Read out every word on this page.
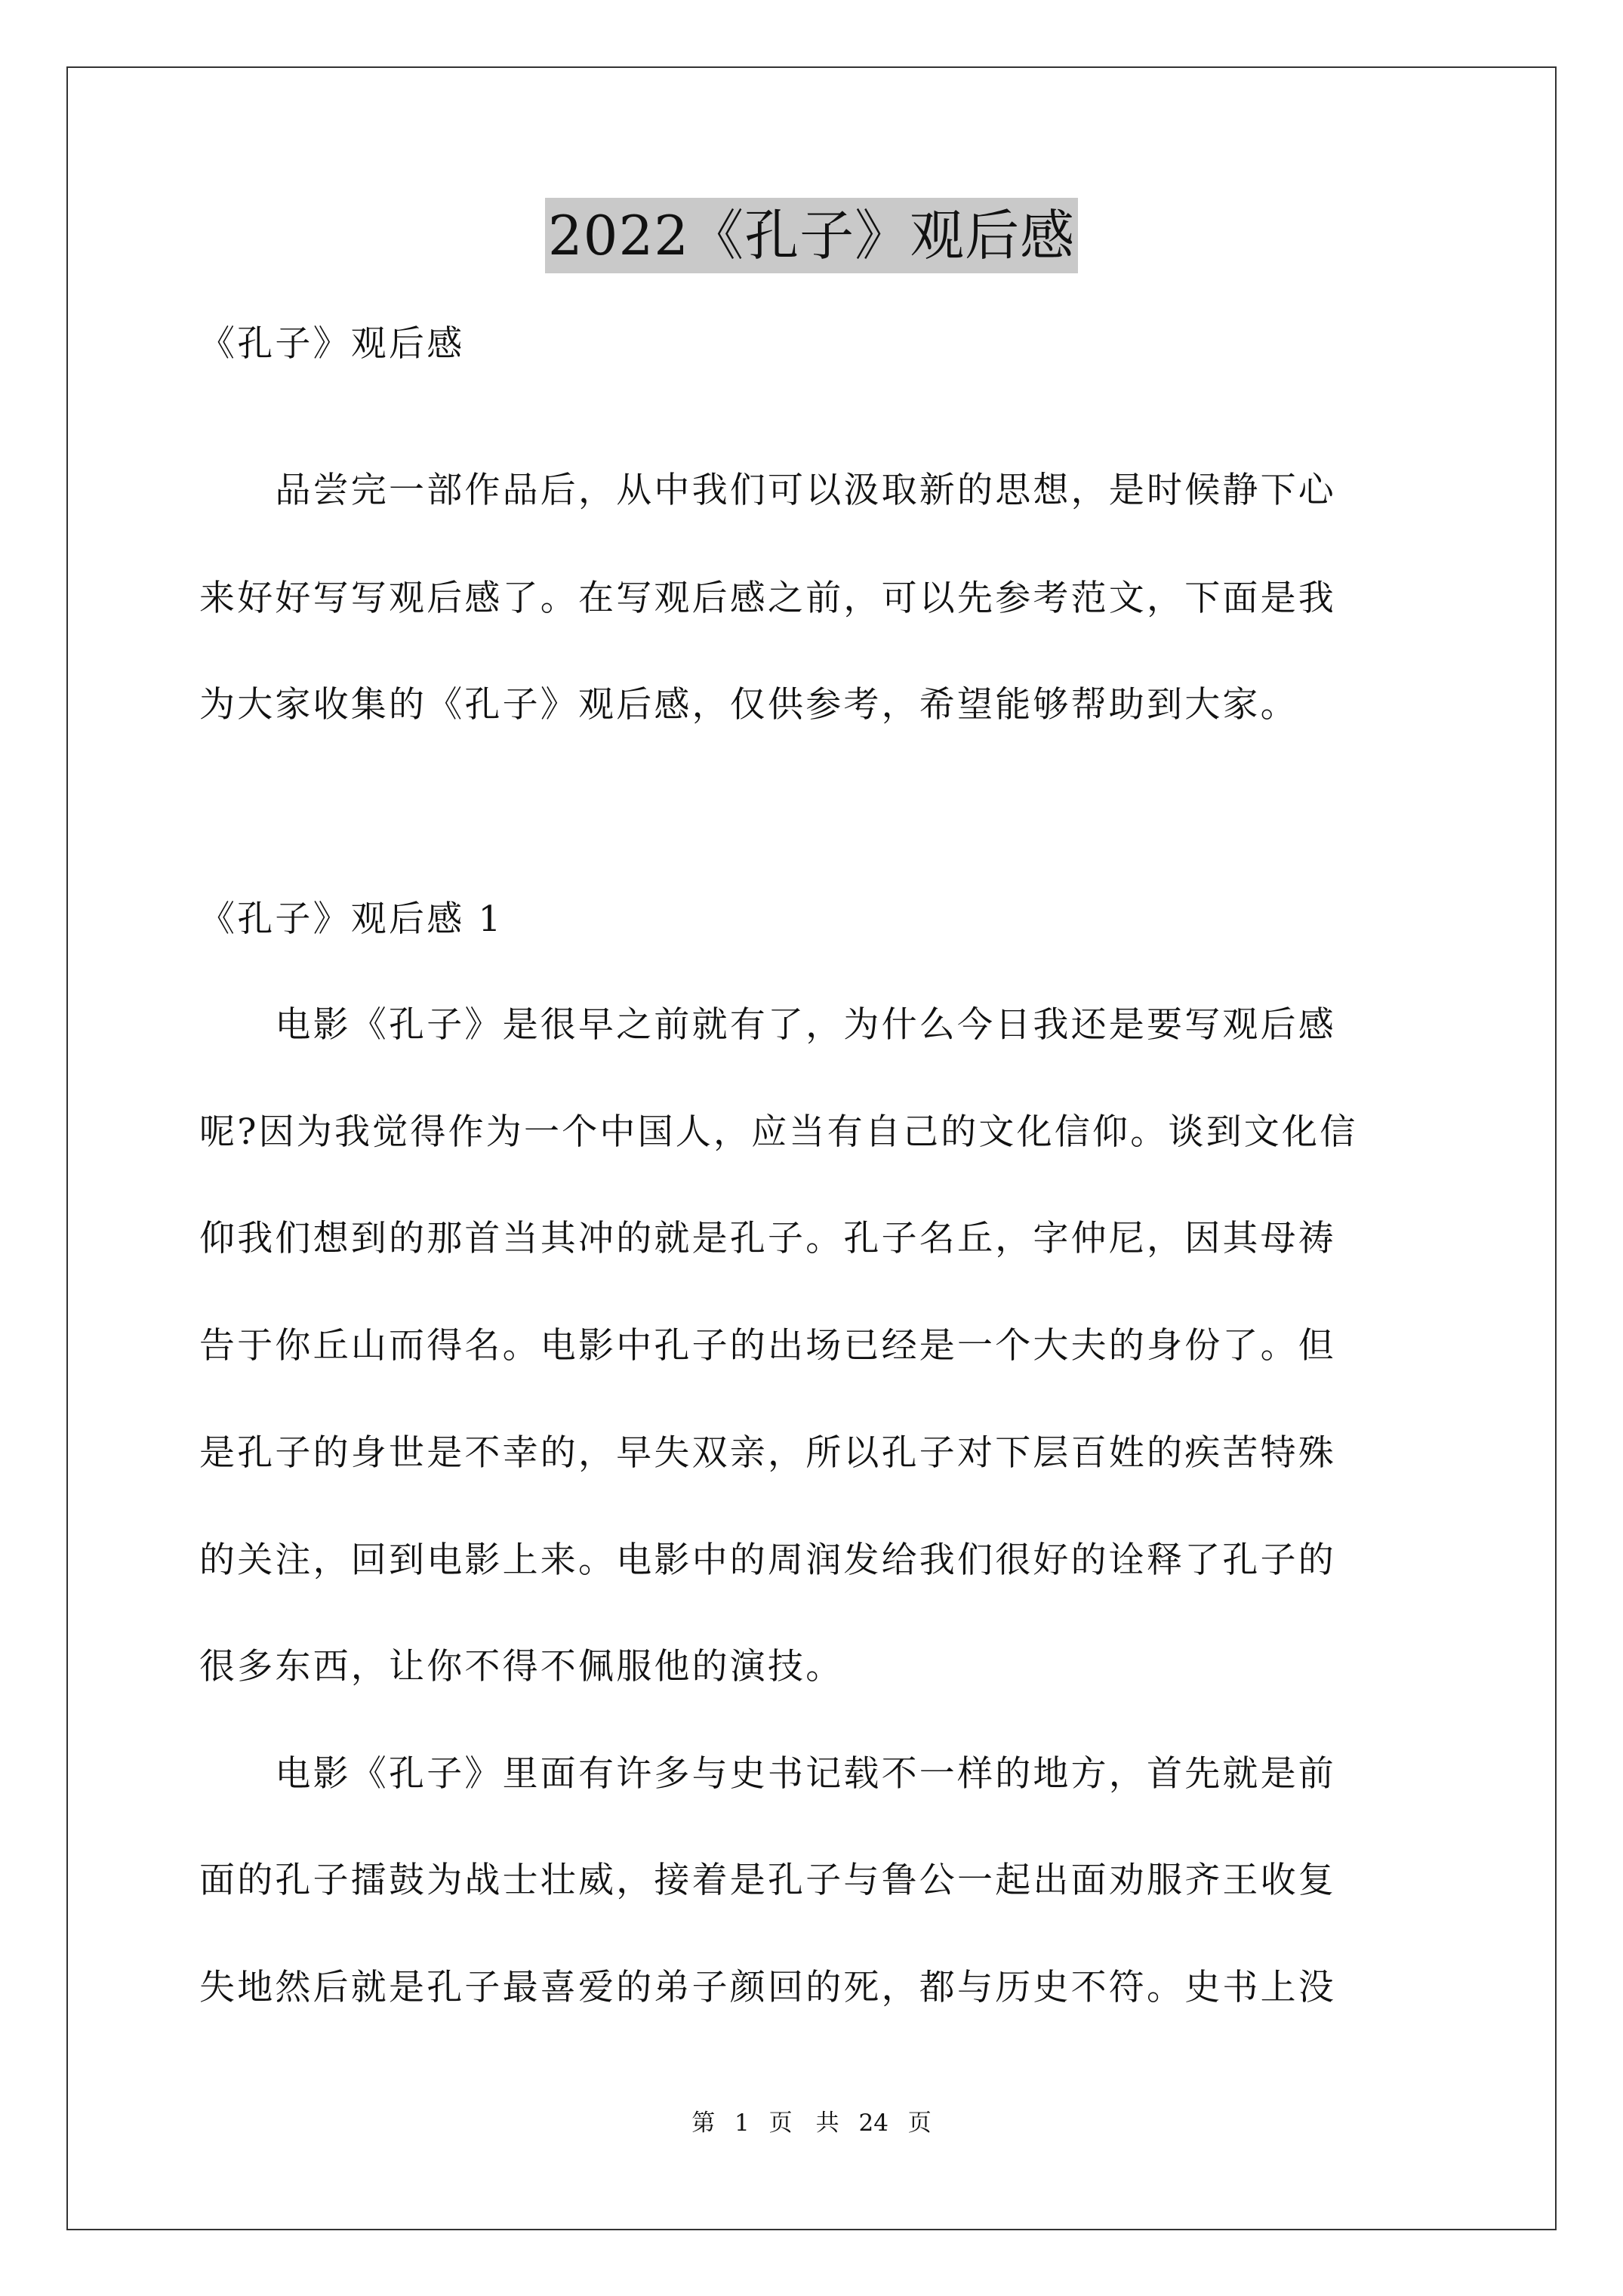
2022《孔子》观后感
《孔子》观后感
　　品尝完一部作品后，从中我们可以汲取新的思想，是时候静下心
来好好写写观后感了。在写观后感之前，可以先参考范文，下面是我
为大家收集的《孔子》观后感，仅供参考，希望能够帮助到大家。
《孔子》观后感 1
　　电影《孔子》是很早之前就有了，为什么今日我还是要写观后感
呢?因为我觉得作为一个中国人，应当有自己的文化信仰。谈到文化信
仰我们想到的那首当其冲的就是孔子。孔子名丘，字仲尼，因其母祷
告于你丘山而得名。电影中孔子的出场已经是一个大夫的身份了。但
是孔子的身世是不幸的，早失双亲，所以孔子对下层百姓的疾苦特殊
的关注，回到电影上来。电影中的周润发给我们很好的诠释了孔子的
很多东西，让你不得不佩服他的演技。
　　电影《孔子》里面有许多与史书记载不一样的地方，首先就是前
面的孔子擂鼓为战士壮威，接着是孔子与鲁公一起出面劝服齐王收复
失地然后就是孔子最喜爱的弟子颜回的死，都与历史不符。史书上没
第 1 页　共 24 页
